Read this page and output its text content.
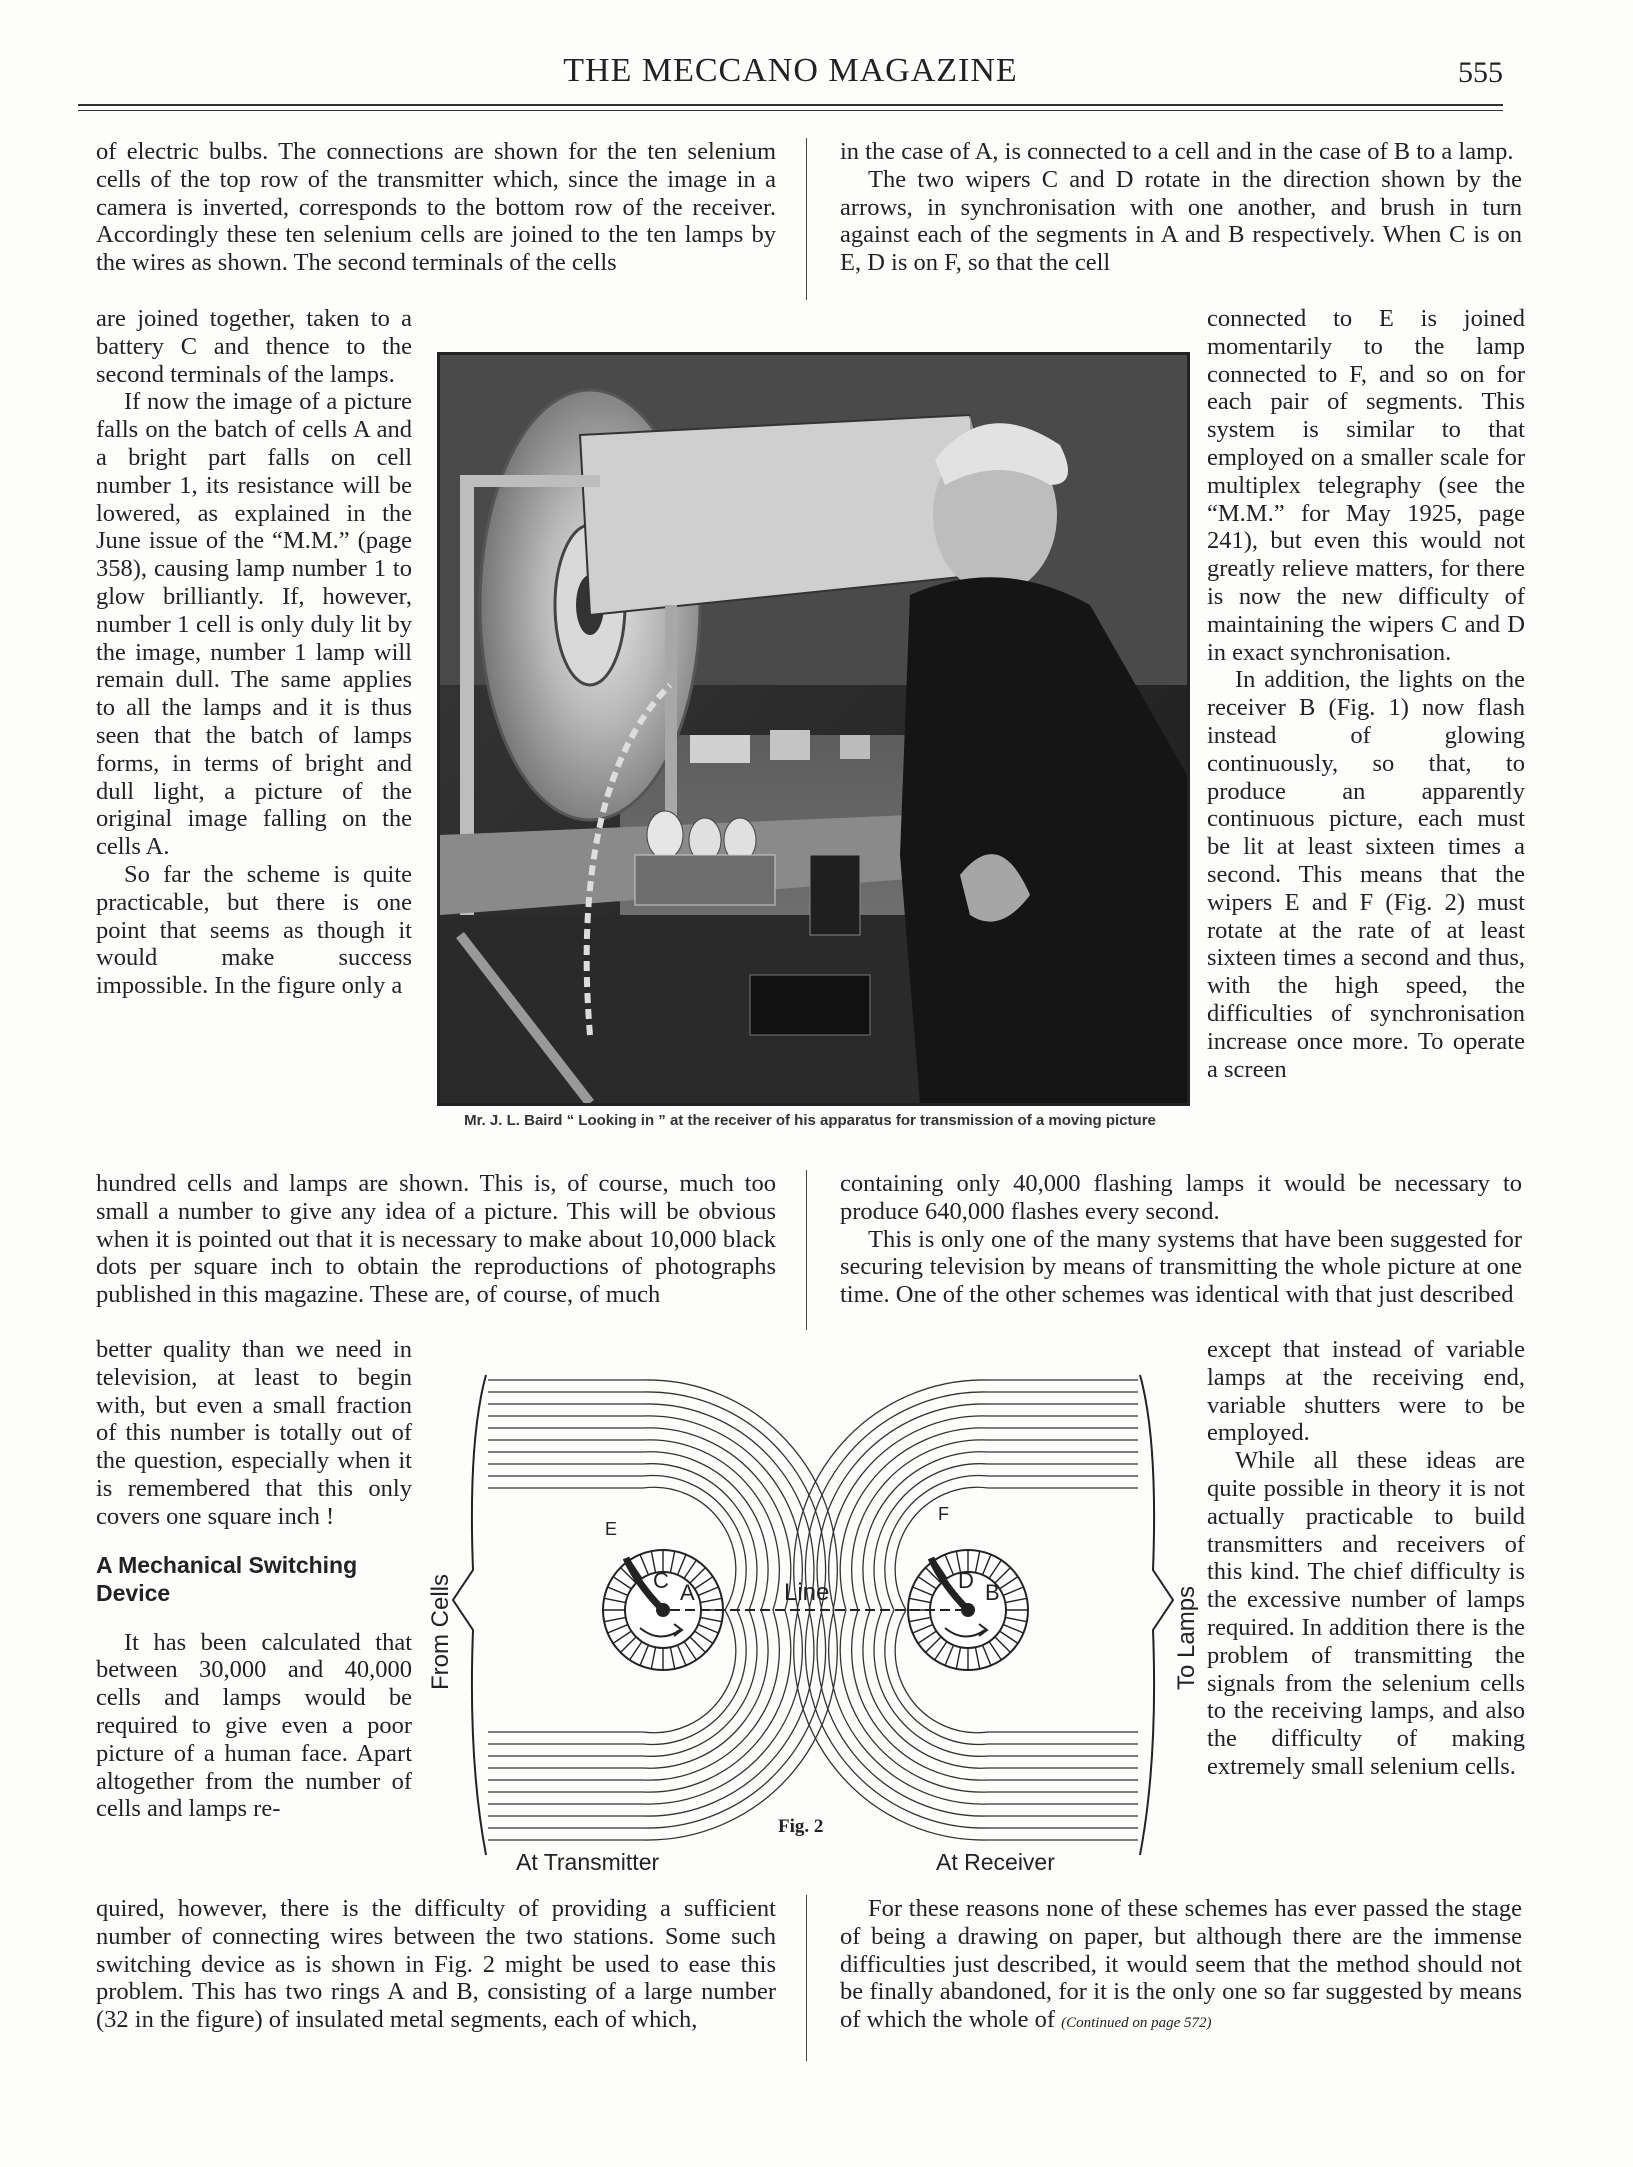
THE MECCANO MAGAZINE	555

of electric bulbs. The connections are shown for the ten selenium cells of the top row of the transmitter which, since the image in a camera is inverted, corresponds to the bottom row of the receiver. Accordingly these ten selenium cells are joined to the ten lamps by the wires as shown. The second terminals of the cells

are joined together, taken to a battery C and thence to the second terminals of the lamps.

If now the image of a picture falls on the batch of cells A and a bright part falls on cell number 1, its resistance will be lowered, as explained in the June issue of the “M.M.” (page 358), causing lamp number 1 to glow brilliantly. If, however, number 1 cell is only duly lit by the image, number 1 lamp will remain dull. The same applies to all the lamps and it is thus seen that the batch of lamps forms, in terms of bright and dull light, a picture of the original image falling on the cells A.

So far the scheme is quite practicable, but there is one point that seems as though it would make success impossible. In the figure only a

hundred cells and lamps are shown. This is, of course, much too small a number to give any idea of a picture. This will be obvious when it is pointed out that it is necessary to make about 10,000 black dots per square inch to obtain the reproductions of photographs published in this magazine. These are, of course, of much

better quality than we need in television, at least to begin with, but even a small fraction of this number is totally out of the question, especially when it is remembered that this only covers one square inch !

A Mechanical Switching Device

It has been calculated that between 30,000 and 40,000 cells and lamps would be required to give even a poor picture of a human face. Apart altogether from the number of cells and lamps re-

quired, however, there is the difficulty of providing a sufficient number of connecting wires between the two stations. Some such switching device as is shown in Fig. 2 might be used to ease this problem. This has two rings A and B, consisting of a large number (32 in the figure) of insulated metal segments, each of which,

in the case of A, is connected to a cell and in the case of B to a lamp.

The two wipers C and D rotate in the direction shown by the arrows, in synchronisation with one another, and brush in turn against each of the segments in A and B respectively. When C is on E, D is on F, so that the cell

connected to E is joined momentarily to the lamp connected to F, and so on for each pair of segments. This system is similar to that employed on a smaller scale for multiplex telegraphy (see the “M.M.” for May 1925, page 241), but even this would not greatly relieve matters, for there is now the new difficulty of maintaining the wipers C and D in exact synchronisation.

In addition, the lights on the receiver B (Fig. 1) now flash instead of glowing continuously, so that, to produce an apparently continuous picture, each must be lit at least sixteen times a second. This means that the wipers E and F (Fig. 2) must rotate at the rate of at least sixteen times a second and thus, with the high speed, the difficulties of synchronisation increase once more. To operate a screen

containing only 40,000 flashing lamps it would be necessary to produce 640,000 flashes every second.

This is only one of the many systems that have been suggested for securing television by means of transmitting the whole picture at one time. One of the other schemes was identical with that just described

except that instead of variable lamps at the receiving end, variable shutters were to be employed.

While all these ideas are quite possible in theory it is not actually practicable to build transmitters and receivers of this kind. The chief difficulty is the excessive number of lamps required. In addition there is the problem of transmitting the signals from the selenium cells to the receiving lamps, and also the difficulty of making extremely small selenium cells.

For these reasons none of these schemes has ever passed the stage of being a drawing on paper, but although there are the immense difficulties just described, it would seem that the method should not be finally abandoned, for it is the only one so far suggested by means of which the whole of (Continued on page 572)

Mr. J. L. Baird “ Looking in ” at the receiver of his apparatus for transmission of a moving picture
C A
E
D B
F
Line
At Transmitter	At Receiver
From Cells	To Lamps
Fig. 2
